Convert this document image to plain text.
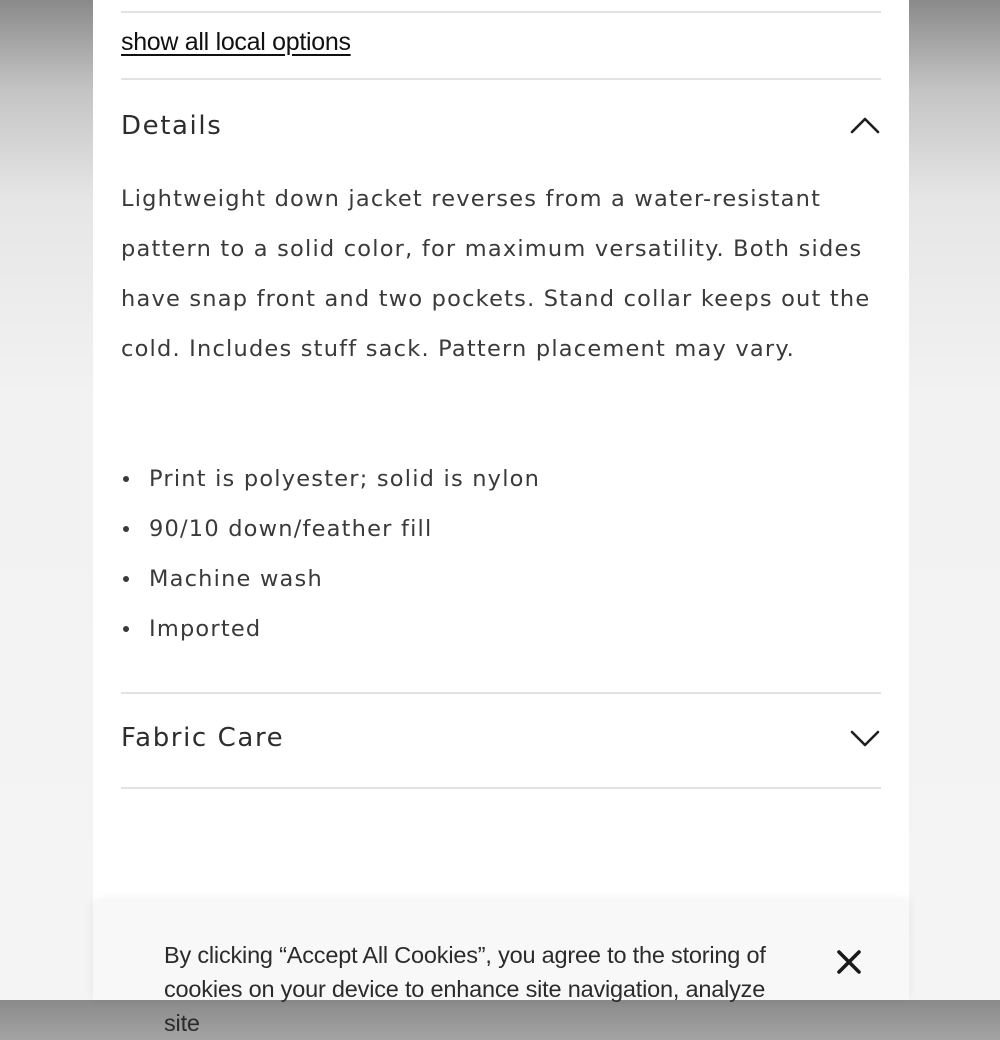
show all local options
Details

Lightweight down jacket reverses from a water-resistant pattern to a solid color, for maximum versatility. Both sides have snap front and two pockets. Stand collar keeps out the cold. Includes stuff sack. Pattern placement may vary.

Print is polyester; solid is nylon
90/10 down/feather fill
Machine wash
Imported
Fabric Care

By clicking “Accept All Cookies”, you agree to the storing of cookies on your device to enhance site navigation, analyze site
